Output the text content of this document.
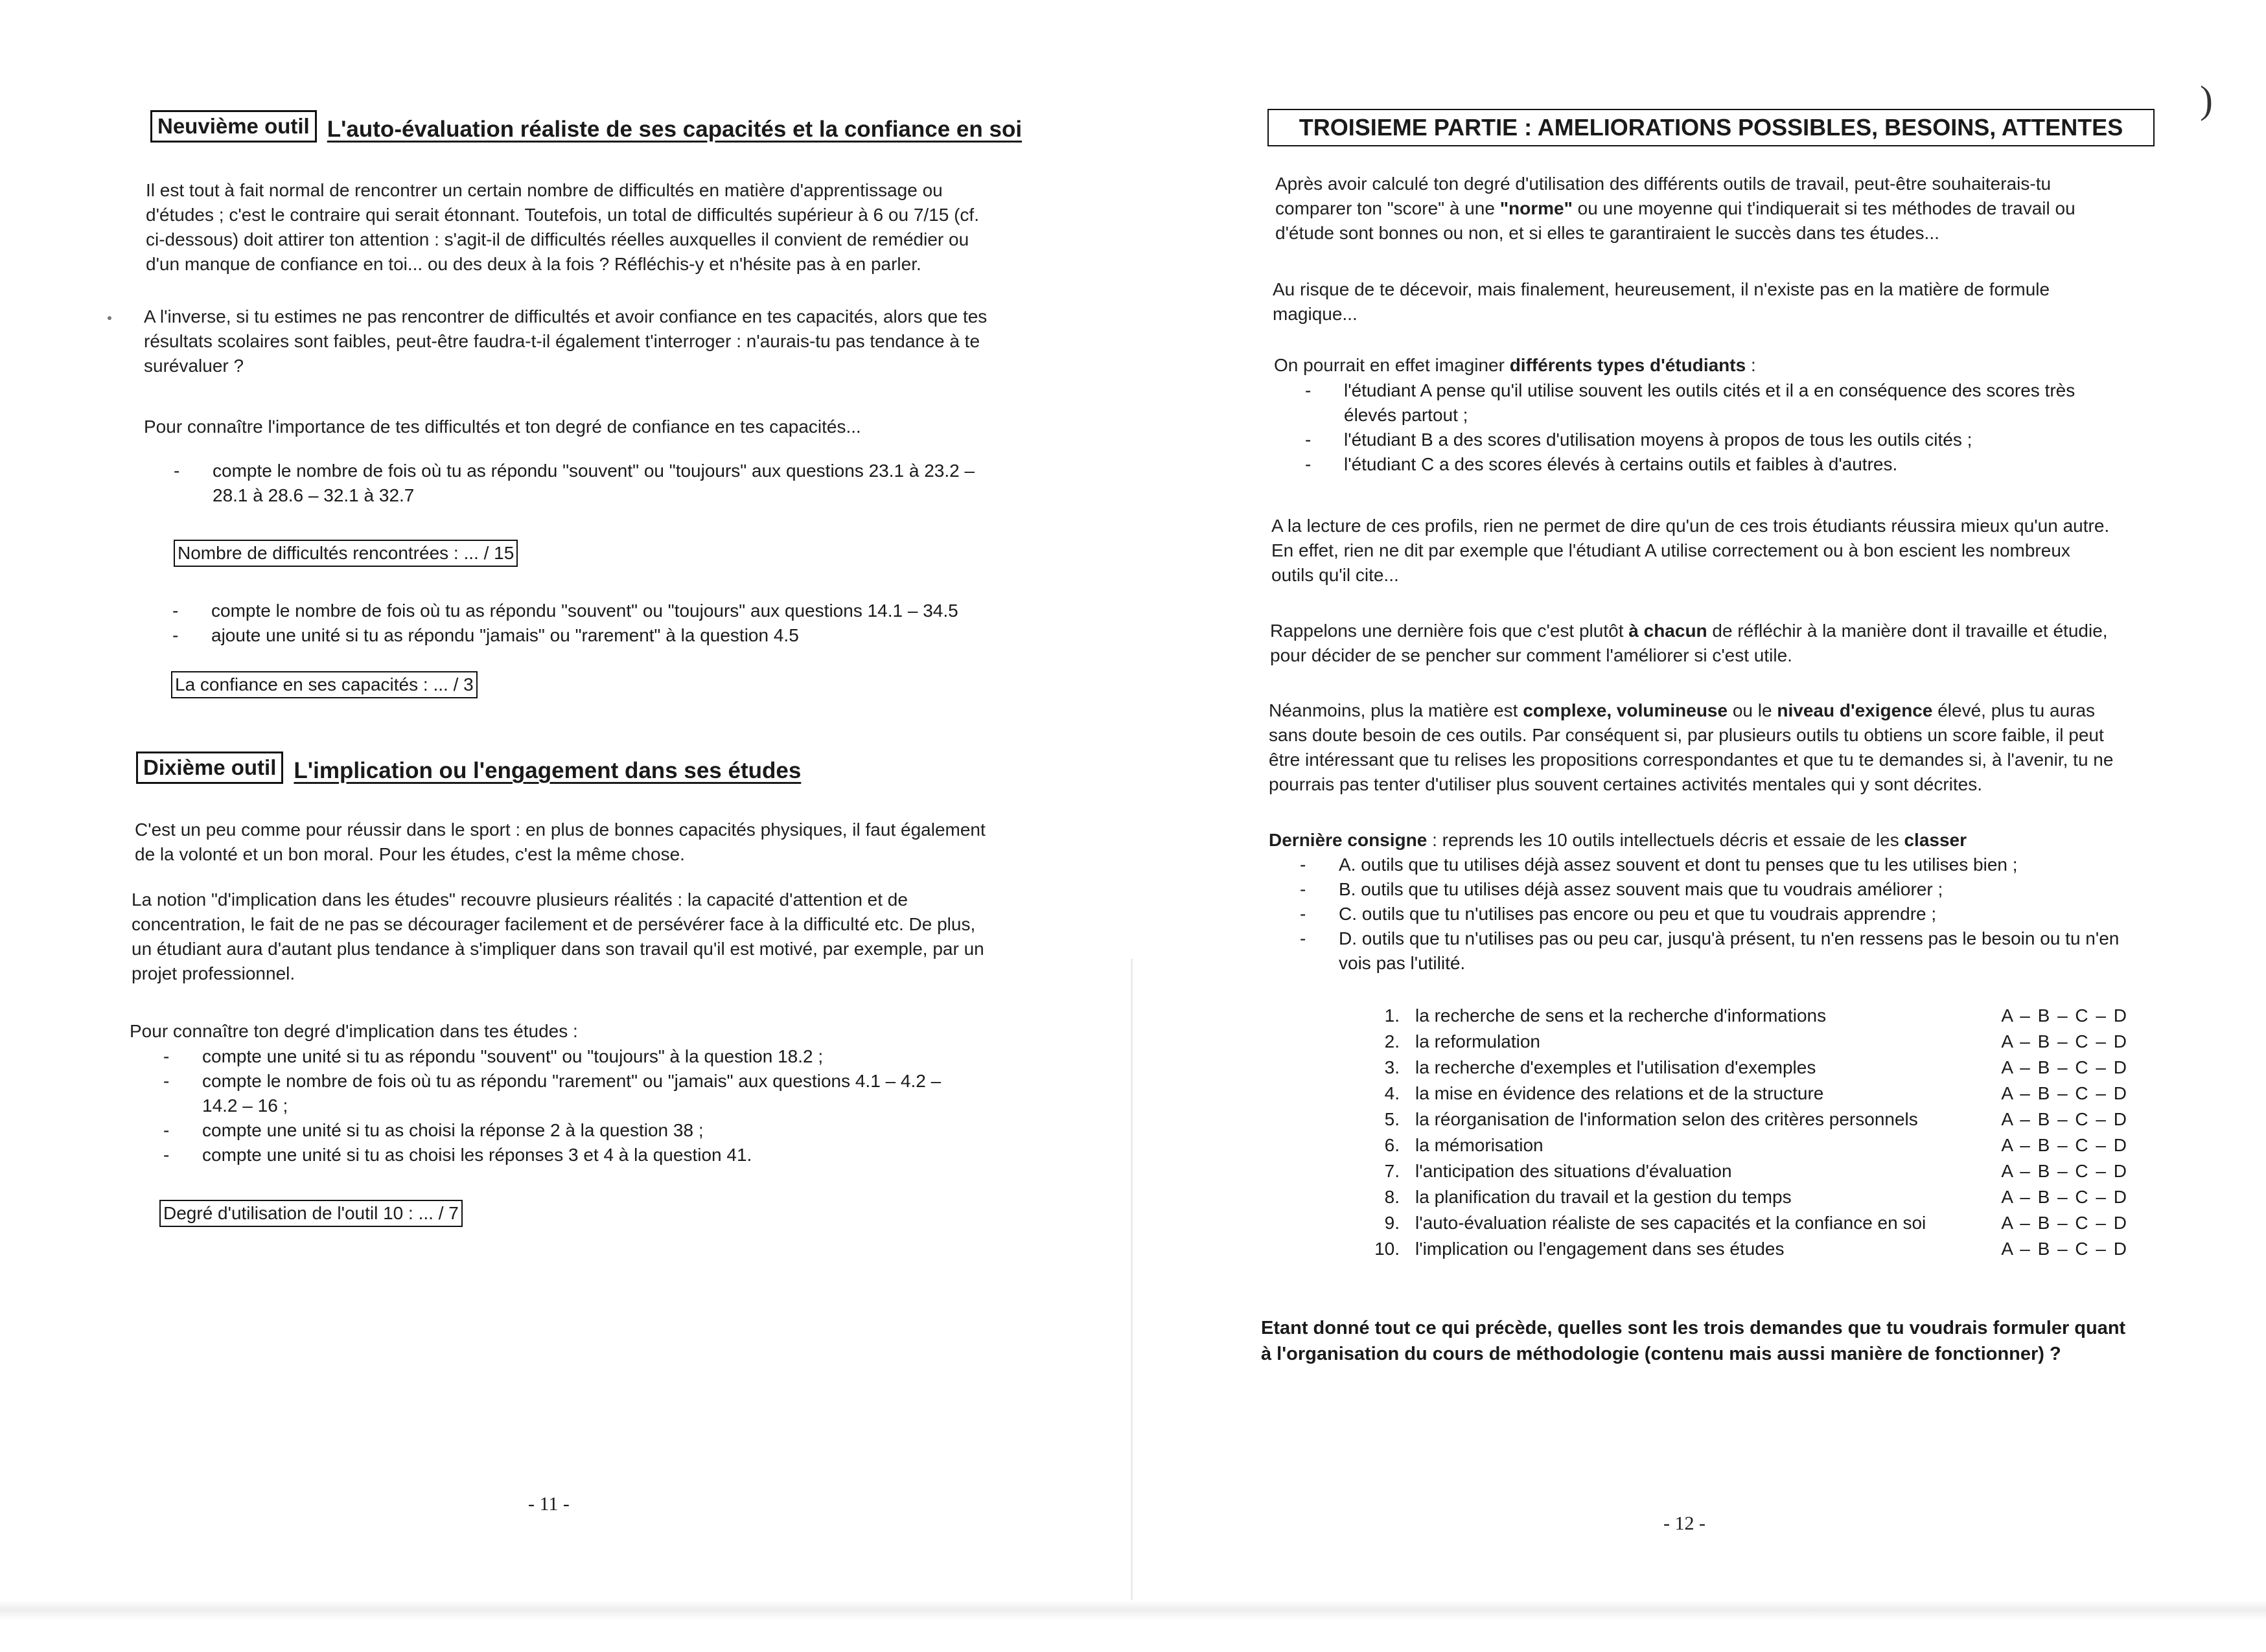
Neuvième outil L'auto-évaluation réaliste de ses capacités et la confiance en soi
Il est tout à fait normal de rencontrer un certain nombre de difficultés en matière d'apprentissage ou d'études ; c'est le contraire qui serait étonnant. Toutefois, un total de difficultés supérieur à 6 ou 7/15 (cf. ci-dessous) doit attirer ton attention : s'agit-il de difficultés réelles auxquelles il convient de remédier ou d'un manque de confiance en toi... ou des deux à la fois ? Réfléchis-y et n'hésite pas à en parler.
A l'inverse, si tu estimes ne pas rencontrer de difficultés et avoir confiance en tes capacités, alors que tes résultats scolaires sont faibles, peut-être faudra-t-il également t'interroger : n'aurais-tu pas tendance à te surévaluer ?
Pour connaître l'importance de tes difficultés et ton degré de confiance en tes capacités...
- compte le nombre de fois où tu as répondu "souvent" ou "toujours" aux questions 23.1 à 23.2 – 28.1 à 28.6 – 32.1 à 32.7
Nombre de difficultés rencontrées : ... / 15
- compte le nombre de fois où tu as répondu "souvent" ou "toujours" aux questions 14.1 – 34.5
- ajoute une unité si tu as répondu "jamais" ou "rarement" à la question 4.5
La confiance en ses capacités : ... / 3
Dixième outil L'implication ou l'engagement dans ses études
C'est un peu comme pour réussir dans le sport : en plus de bonnes capacités physiques, il faut également de la volonté et un bon moral. Pour les études, c'est la même chose.
La notion "d'implication dans les études" recouvre plusieurs réalités : la capacité d'attention et de concentration, le fait de ne pas se décourager facilement et de persévérer face à la difficulté etc. De plus, un étudiant aura d'autant plus tendance à s'impliquer dans son travail qu'il est motivé, par exemple, par un projet professionnel.
Pour connaître ton degré d'implication dans tes études :
- compte une unité si tu as répondu "souvent" ou "toujours" à la question 18.2 ;
- compte le nombre de fois où tu as répondu "rarement" ou "jamais" aux questions 4.1 – 4.2 – 14.2 – 16 ;
- compte une unité si tu as choisi la réponse 2 à la question 38 ;
- compte une unité si tu as choisi les réponses 3 et 4 à la question 41.
Degré d'utilisation de l'outil 10 : ... / 7
- 11 -
TROISIEME PARTIE : AMELIORATIONS POSSIBLES, BESOINS, ATTENTES
)
Après avoir calculé ton degré d'utilisation des différents outils de travail, peut-être souhaiterais-tu comparer ton "score" à une "norme" ou une moyenne qui t'indiquerait si tes méthodes de travail ou d'étude sont bonnes ou non, et si elles te garantiraient le succès dans tes études...
Au risque de te décevoir, mais finalement, heureusement, il n'existe pas en la matière de formule magique...
On pourrait en effet imaginer différents types d'étudiants :
- l'étudiant A pense qu'il utilise souvent les outils cités et il a en conséquence des scores très élevés partout ;
- l'étudiant B a des scores d'utilisation moyens à propos de tous les outils cités ;
- l'étudiant C a des scores élevés à certains outils et faibles à d'autres.
A la lecture de ces profils, rien ne permet de dire qu'un de ces trois étudiants réussira mieux qu'un autre. En effet, rien ne dit par exemple que l'étudiant A utilise correctement ou à bon escient les nombreux outils qu'il cite...
Rappelons une dernière fois que c'est plutôt à chacun de réfléchir à la manière dont il travaille et étudie, pour décider de se pencher sur comment l'améliorer si c'est utile.
Néanmoins, plus la matière est complexe, volumineuse ou le niveau d'exigence élevé, plus tu auras sans doute besoin de ces outils. Par conséquent si, par plusieurs outils tu obtiens un score faible, il peut être intéressant que tu relises les propositions correspondantes et que tu te demandes si, à l'avenir, tu ne pourrais pas tenter d'utiliser plus souvent certaines activités mentales qui y sont décrites.
Dernière consigne : reprends les 10 outils intellectuels décris et essaie de les classer
- A. outils que tu utilises déjà assez souvent et dont tu penses que tu les utilises bien ;
- B. outils que tu utilises déjà assez souvent mais que tu voudrais améliorer ;
- C. outils que tu n'utilises pas encore ou peu et que tu voudrais apprendre ;
- D. outils que tu n'utilises pas ou peu car, jusqu'à présent, tu n'en ressens pas le besoin ou tu n'en vois pas l'utilité.
1. la recherche de sens et la recherche d'informations	A – B – C – D
2. la reformulation	A – B – C – D
3. la recherche d'exemples et l'utilisation d'exemples	A – B – C – D
4. la mise en évidence des relations et de la structure	A – B – C – D
5. la réorganisation de l'information selon des critères personnels	A – B – C – D
6. la mémorisation	A – B – C – D
7. l'anticipation des situations d'évaluation	A – B – C – D
8. la planification du travail et la gestion du temps	A – B – C – D
9. l'auto-évaluation réaliste de ses capacités et la confiance en soi	A – B – C – D
10. l'implication ou l'engagement dans ses études	A – B – C – D
Etant donné tout ce qui précède, quelles sont les trois demandes que tu voudrais formuler quant à l'organisation du cours de méthodologie (contenu mais aussi manière de fonctionner) ?
- 12 -
